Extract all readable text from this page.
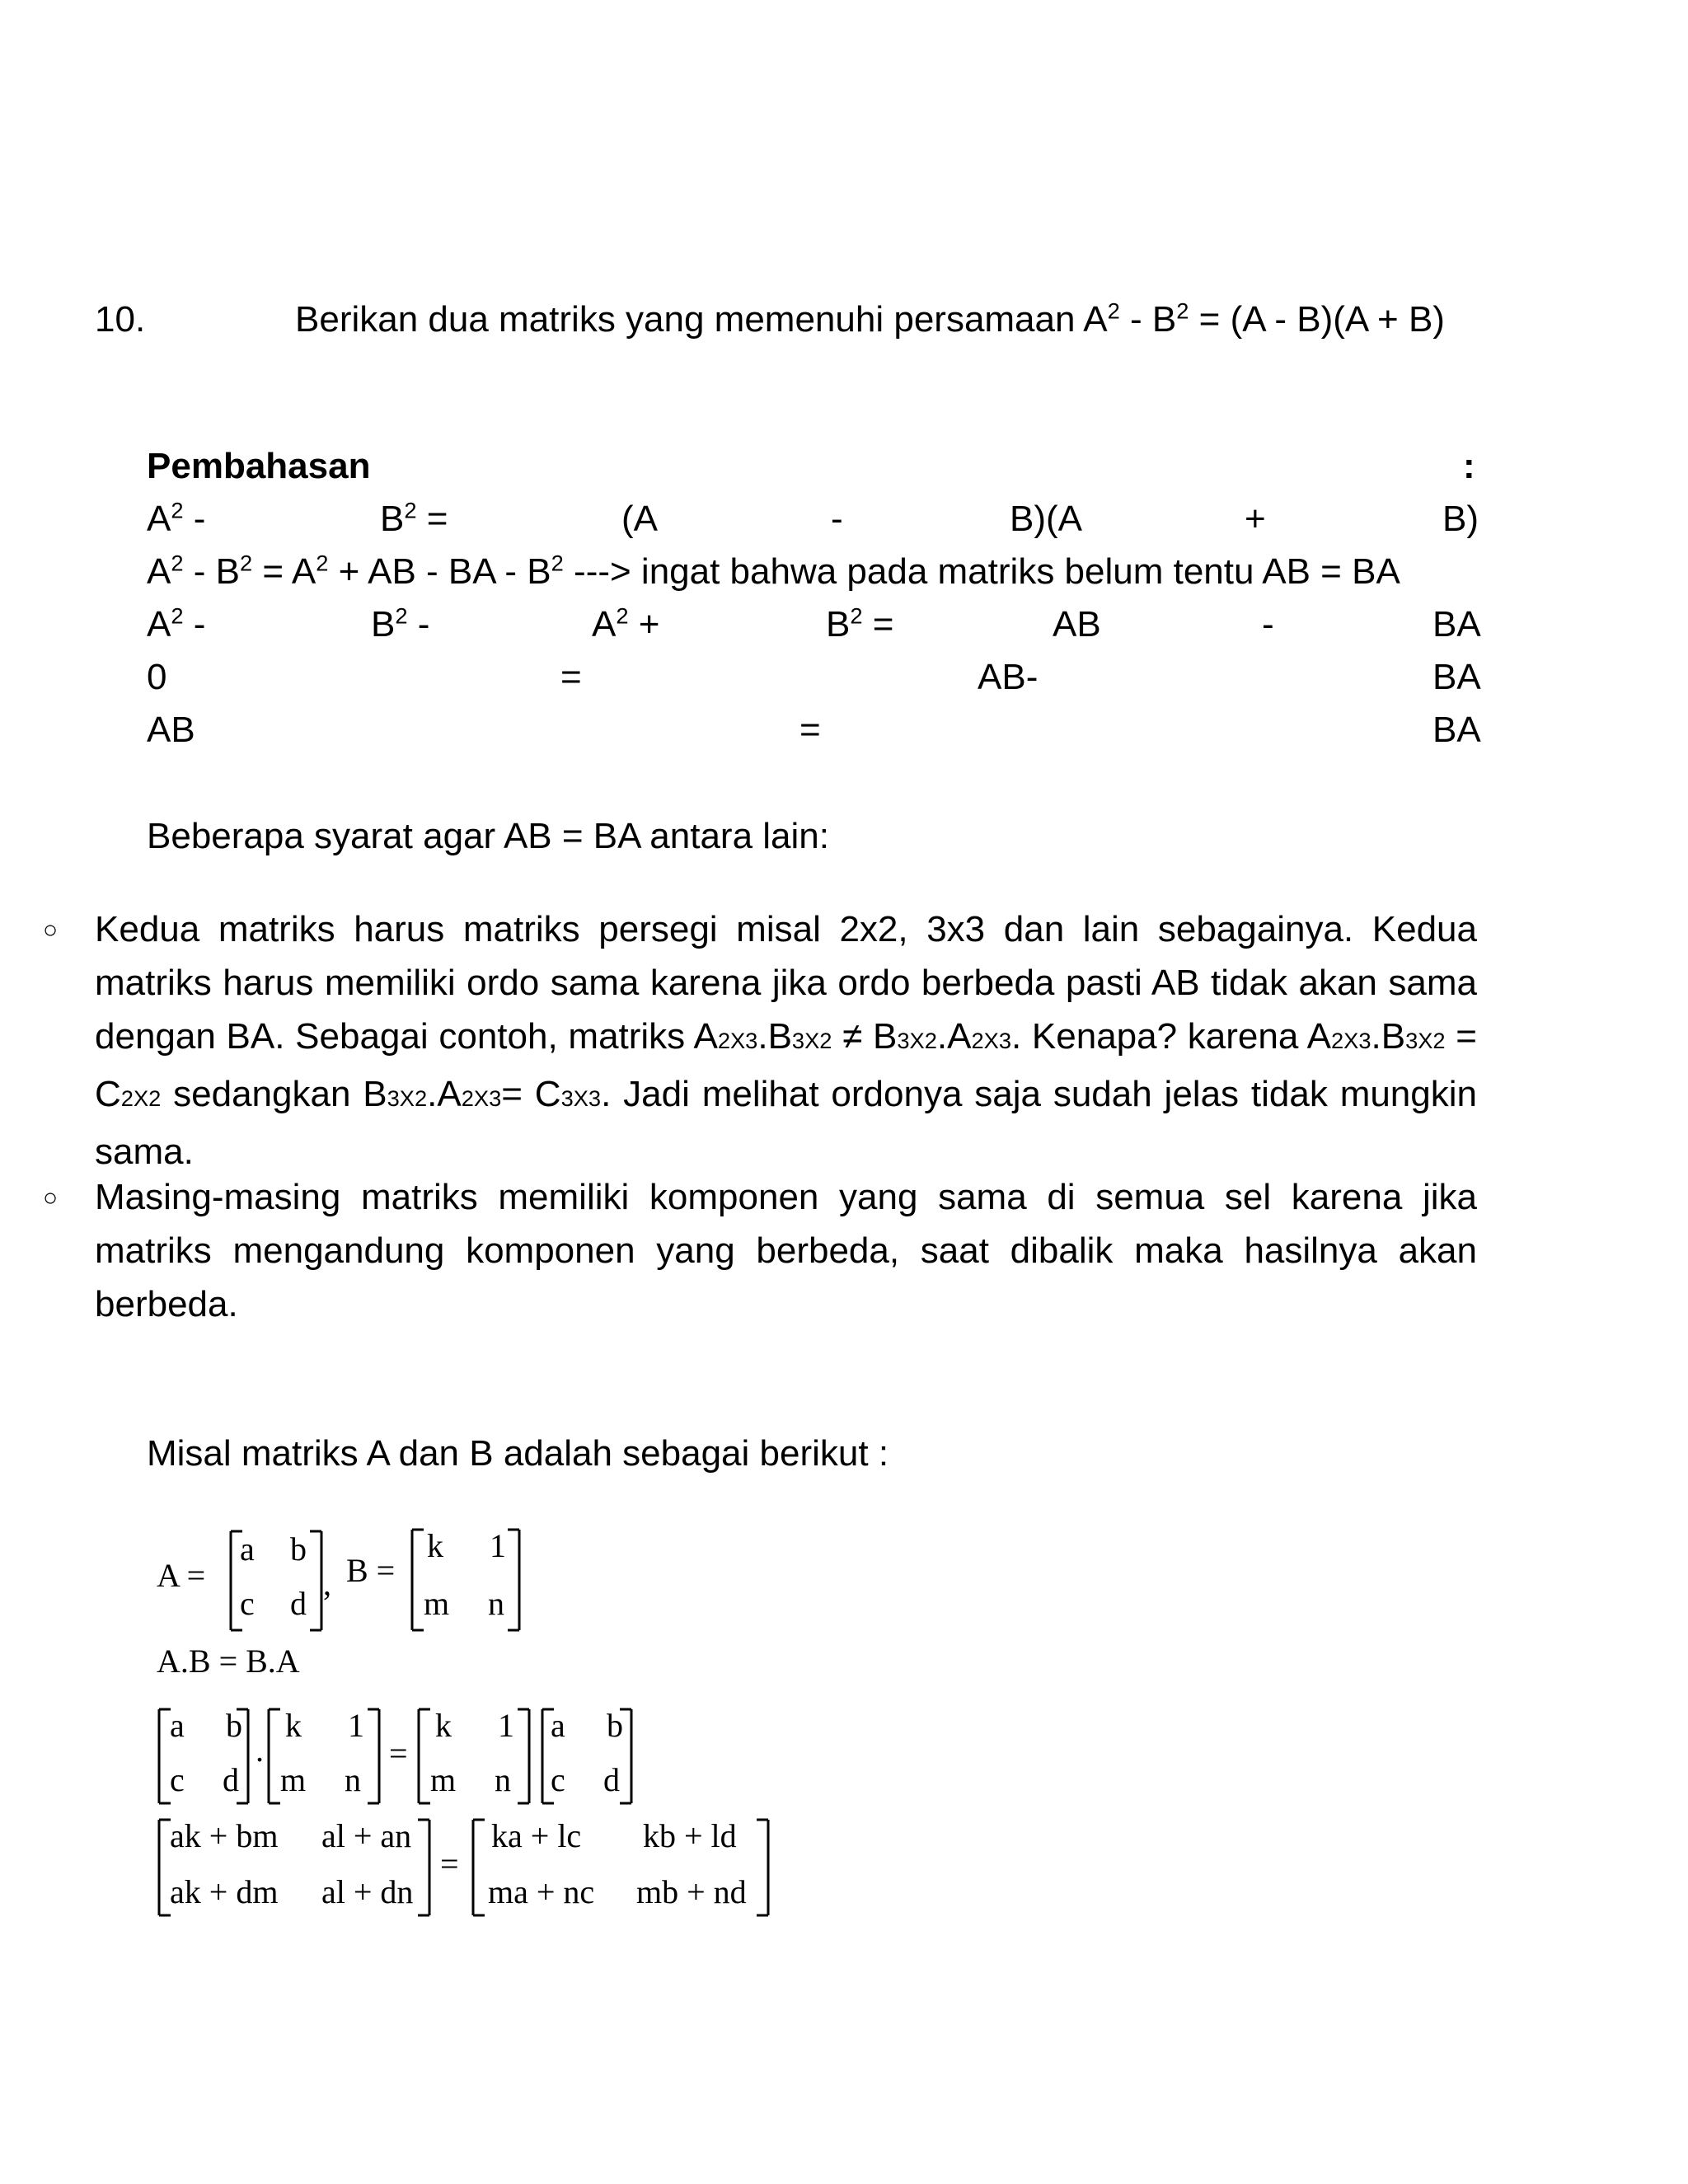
10.	Berikan dua matriks yang memenuhi persamaan $A^2 - B^2 = (A - B)(A + B)$
Pembahasan	:
$A^2$ -	$B^2$ =	(A	-	B)(A	+	B)
$A^2 - B^2 = A^2$ + AB - BA - $B^2$ ---> ingat bahwa pada matriks belum tentu AB = BA
$A^2$ -	$B^2$ -	$A^2$ +	$B^2$ =	AB	-	BA
0	=	AB-	BA
AB	=	BA
Beberapa syarat agar AB = BA antara lain:
○ Kedua matriks harus matriks persegi misal 2x2, 3x3 dan lain sebagainya. Kedua matriks harus memiliki ordo sama karena jika ordo berbeda pasti AB tidak akan sama dengan BA. Sebagai contoh, matriks A2X3.B3X2 ≠ B3X2.A2X3. Kenapa? karena A2X3.B3X2 = C2X2 sedangkan B3X2.A2X3= C3X3. Jadi melihat ordonya saja sudah jelas tidak mungkin sama.
○ Masing-masing matriks memiliki komponen yang sama di semua sel karena jika matriks mengandung komponen yang berbeda, saat dibalik maka hasilnya akan berbeda.
Misal matriks A dan B adalah sebagai berikut :
A =
a b
c d
, B =
k 1
m n
A.B = B.A
a b
c d
.
k 1
m n
=
k 1
m n
a b
c d
ak + bm al + an
ak + dm al + dn
=
ka + lc kb + ld
ma + nc mb + nd
